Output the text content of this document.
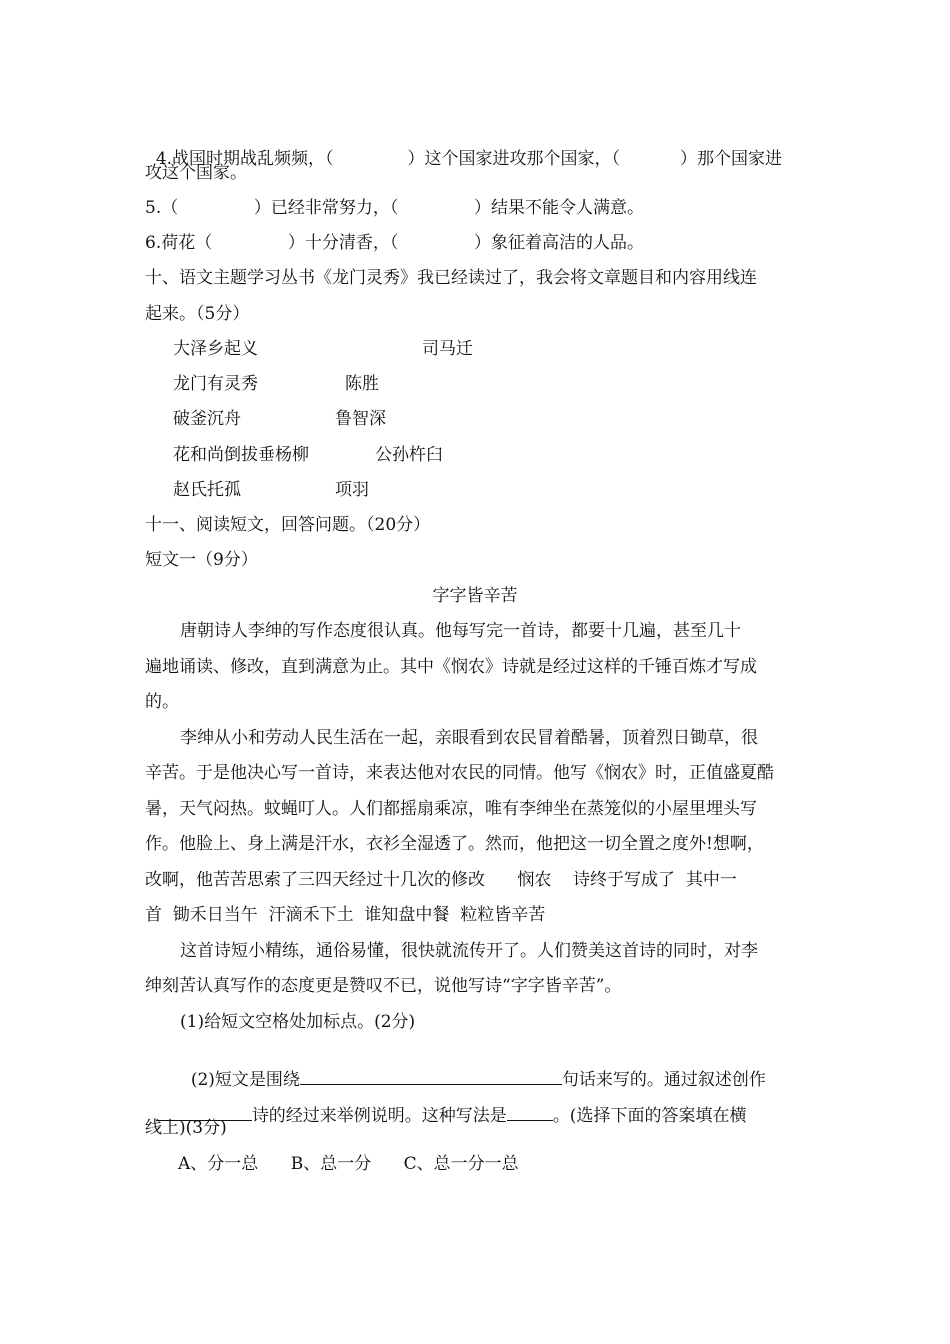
4.战国时期战乱频频，（	）这个国家进攻那个国家，（	）那个国家进

攻这个国家。
5.（              ）已经非常努力，（              ）结果不能令人满意。
6.荷花（              ）十分清香，（              ）象征着高洁的人品。
十、语文主题学习丛书《龙门灵秀》我已经读过了，我会将文章题目和内容用线连
起来。（5分）
大泽乡起义	司马迁
龙门有灵秀	陈胜
破釜沉舟	鲁智深
花和尚倒拔垂杨柳	公孙杵臼
赵氏托孤	项羽
十一、阅读短文，回答问题。（20分）
短文一（9分）
字字皆辛苦
唐朝诗人李绅的写作态度很认真。他每写完一首诗，都要十几遍，甚至几十
遍地诵读、修改，直到满意为止。其中《悯农》诗就是经过这样的千锤百炼才写成
的。
李绅从小和劳动人民生活在一起，亲眼看到农民冒着酷暑，顶着烈日锄草，很
辛苦。于是他决心写一首诗，来表达他对农民的同情。他写《悯农》时，正值盛夏酷
暑，天气闷热。蚊蝇叮人。人们都摇扇乘凉，唯有李绅坐在蒸笼似的小屋里埋头写
作。他脸上、身上满是汗水，衣衫全湿透了。然而，他把这一切全置之度外!想啊，
改啊，他苦苦思索了三四天经过十几次的修改      悯农    诗终于写成了  其中一
首  锄禾日当午  汗滴禾下土  谁知盘中餐  粒粒皆辛苦
这首诗短小精练，通俗易懂，很快就流传开了。人们赞美这首诗的同时，对李
绅刻苦认真写作的态度更是赞叹不已，说他写诗“字字皆辛苦”。
(1)给短文空格处加标点。(2分)

(2)短文是围绕	句话来写的。通过叙述创作

诗的经过来举例说明。这种写法是	。(选择下面的答案填在横

线上)(3分)
A、分一总      B、总一分      C、总一分一总
